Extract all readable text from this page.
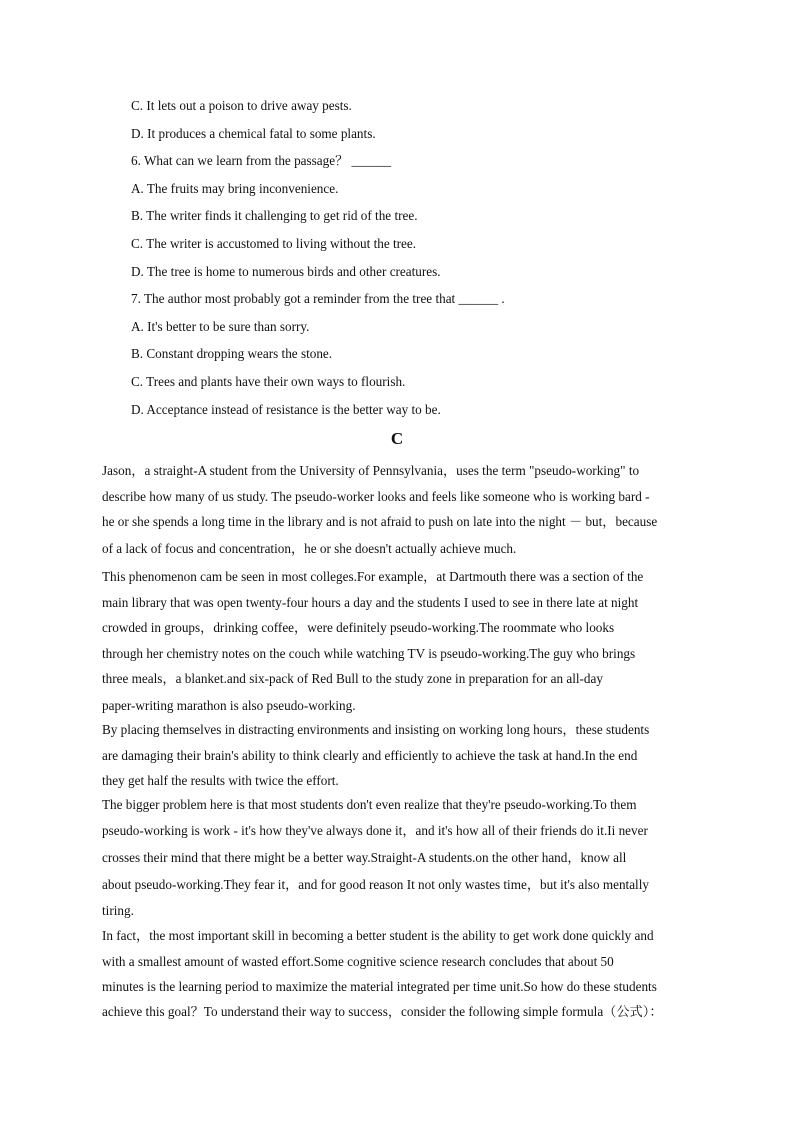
C. It lets out a poison to drive away pests.
D. It produces a chemical fatal to some plants.
6. What can we learn from the passage？ ______
A. The fruits may bring inconvenience.
B. The writer finds it challenging to get rid of the tree.
C. The writer is accustomed to living without the tree.
D. The tree is home to numerous birds and other creatures.
7. The author most probably got a reminder from the tree that ______ .
A. It's better to be sure than sorry.
B. Constant dropping wears the stone.
C. Trees and plants have their own ways to flourish.
D. Acceptance instead of resistance is the better way to be.
C
Jason，a straight-A student from the University of Pennsylvania，uses the term "pseudo-working" to
describe how many of us study. The pseudo-worker looks and feels like someone who is working bard -
he or she spends a long time in the library and is not afraid to push on late into the night － but，because
of a lack of focus and concentration，he or she doesn't actually achieve much.
This phenomenon cam be seen in most colleges.For example，at Dartmouth there was a section of the
main library that was open twenty-four hours a day and the students I used to see in there late at night
crowded in groups，drinking coffee，were definitely pseudo-working.The roommate who looks
through her chemistry notes on the couch while watching TV is pseudo-working.The guy who brings
three meals，a blanket.and six-pack of Red Bull to the study zone in preparation for an all-day
paper-writing marathon is also pseudo-working.
By placing themselves in distracting environments and insisting on working long hours，these students
are damaging their brain's ability to think clearly and efficiently to achieve the task at hand.In the end
they get half the results with twice the effort.
The bigger problem here is that most students don't even realize that they're pseudo-working.To them
pseudo-working is work - it's how they've always done it，and it's how all of their friends do it.Ii never
crosses their mind that there might be a better way.Straight-A students.on the other hand，know all
about pseudo-working.They fear it，and for good reason It not only wastes time，but it's also mentally
tiring.
In fact，the most important skill in becoming a better student is the ability to get work done quickly and
with a smallest amount of wasted effort.Some cognitive science research concludes that about 50
minutes is the learning period to maximize the material integrated per time unit.So how do these students
achieve this goal？To understand their way to success，consider the following simple formula（公式）：
